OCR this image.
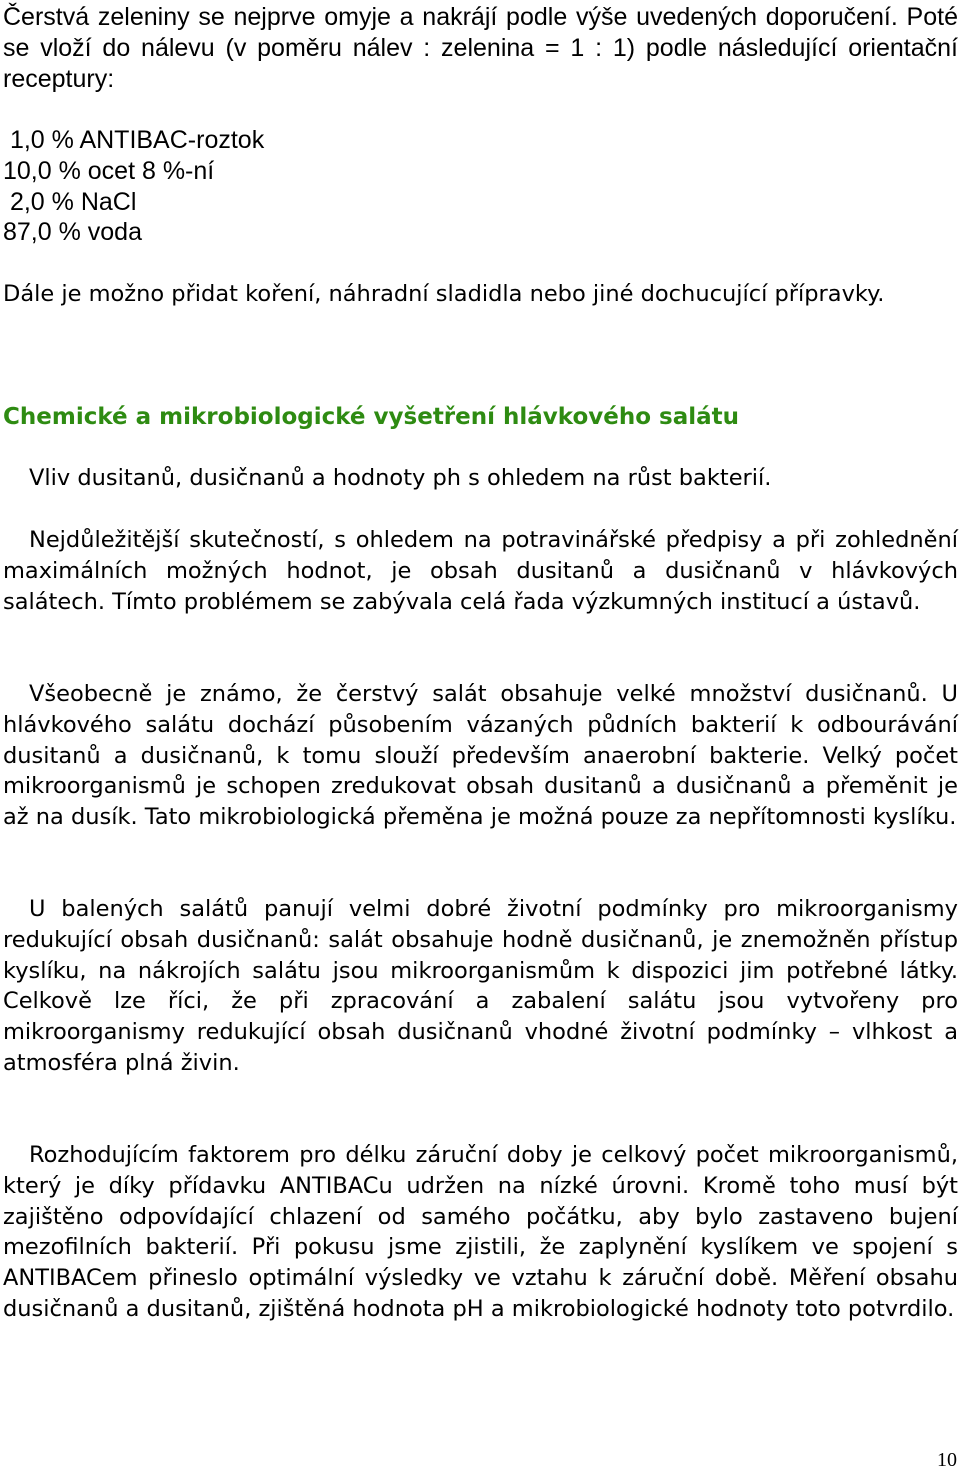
Čerstvá zeleniny se nejprve omyje a nakrájí podle výše uvedených doporučení. Poté se vloží do nálevu (v poměru nálev : zelenina = 1 : 1) podle následující orientační receptury:
1,0 % ANTIBAC-roztok
10,0 % ocet 8 %-ní
2,0 % NaCl
87,0 % voda
Dále je možno přidat koření, náhradní sladidla nebo jiné dochucující přípravky.
Chemické a mikrobiologické vyšetření hlávkového salátu
Vliv dusitanů, dusičnanů a hodnoty ph s ohledem na růst bakterií.
Nejdůležitější skutečností, s ohledem na potravinářské předpisy a při zohlednění maximálních možných hodnot, je obsah dusitanů a dusičnanů v hlávkových salátech. Tímto problémem se zabývala celá řada výzkumných institucí a ústavů.
Všeobecně je známo, že čerstvý salát obsahuje velké množství dusičnanů. U hlávkového salátu dochází působením vázaných půdních bakterií k odbourávání dusitanů a dusičnanů, k tomu slouží především anaerobní bakterie. Velký počet mikroorganismů je schopen zredukovat obsah dusitanů a dusičnanů a přeměnit je až na dusík. Tato mikrobiologická přeměna je možná pouze za nepřítomnosti kyslíku.
U balených salátů panují velmi dobré životní podmínky pro mikroorganismy redukující obsah dusičnanů: salát obsahuje hodně dusičnanů, je znemožněn přístup kyslíku, na nákrojích salátu jsou mikroorganismům k dispozici jim potřebné látky. Celkově lze říci, že při zpracování a zabalení salátu jsou vytvořeny pro mikroorganismy redukující obsah dusičnanů vhodné životní podmínky – vlhkost a atmosféra plná živin.
Rozhodujícím faktorem pro délku záruční doby je celkový počet mikroorganismů, který je díky přídavku ANTIBACu udržen na nízké úrovni. Kromě toho musí být zajištěno odpovídající chlazení od samého počátku, aby bylo zastaveno bujení mezofilních bakterií. Při pokusu jsme zjistili, že zaplynění kyslíkem ve spojení s ANTIBACem přineslo optimální výsledky ve vztahu k záruční době. Měření obsahu dusičnanů a dusitanů, zjištěná hodnota pH a mikrobiologické hodnoty toto potvrdilo.
10
